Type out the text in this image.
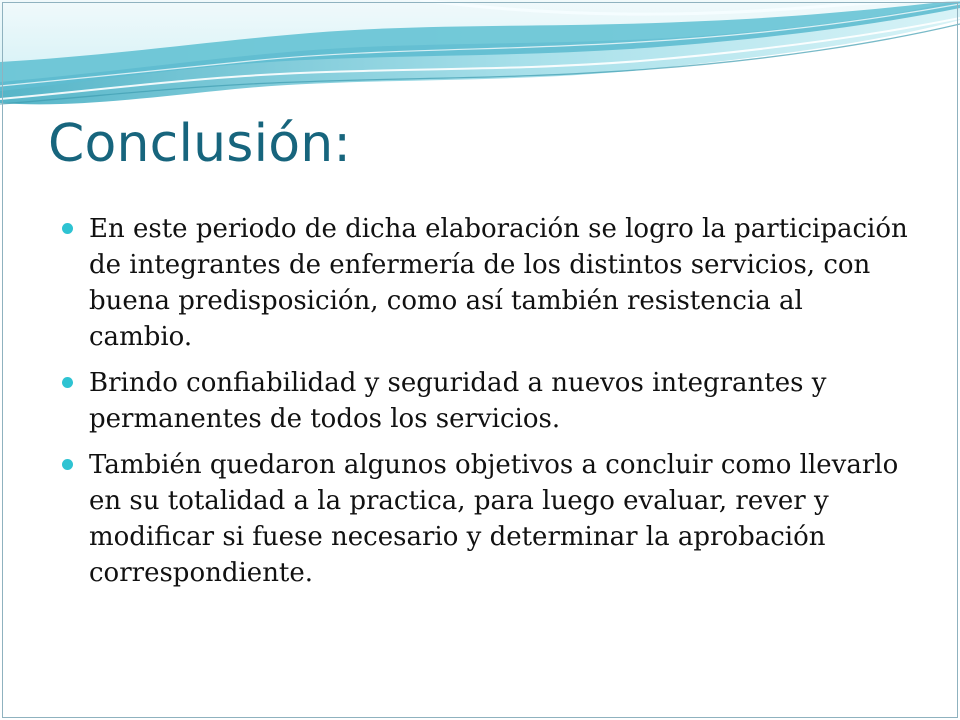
Conclusión:
En este periodo de dicha elaboración se logro la participación de integrantes de enfermería de los distintos servicios, con buena predisposición, como así también resistencia al cambio.
Brindo confiabilidad y seguridad a nuevos integrantes y permanentes de todos los servicios.
También quedaron algunos objetivos a concluir como llevarlo en su totalidad a la practica, para luego evaluar, rever y modificar si fuese necesario y determinar la aprobación correspondiente.
